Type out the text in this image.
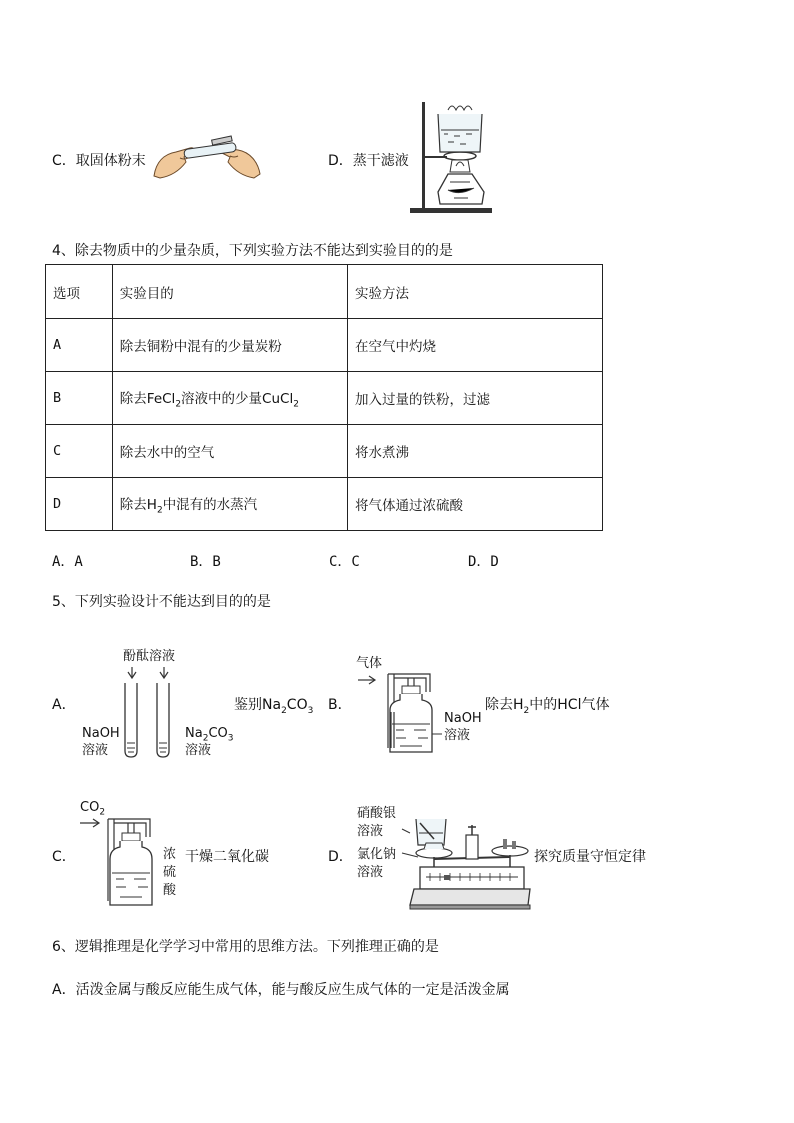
C．取固体粉末	D．蒸干滤液
4、除去物质中的少量杂质，下列实验方法不能达到实验目的的是
选项	实验目的	实验方法
A	除去铜粉中混有的少量炭粉	在空气中灼烧
B	除去FeCl$_2$溶液中的少量CuCl$_2$	加入过量的铁粉，过滤
C	除去水中的空气	将水煮沸
D	除去$H_2$中混有的水蒸汽	将气体通过浓硫酸
A．A	B．B	C．C	D．D
5、下列实验设计不能达到目的的是
A．
酚酞溶液
NaOH
溶液
$Na_2CO_3$
溶液
鉴别$Na_2CO_3$ B．
气体
NaOH
溶液
除去$H_2$中的HCl气体
C．
$CO_2$
浓
硫
酸
干燥二氧化碳	D．
硝酸银
溶液
氯化钠
溶液
探究质量守恒定律
6、逻辑推理是化学学习中常用的思维方法。下列推理正确的是
A．活泼金属与酸反应能生成气体，能与酸反应生成气体的一定是活泼金属
